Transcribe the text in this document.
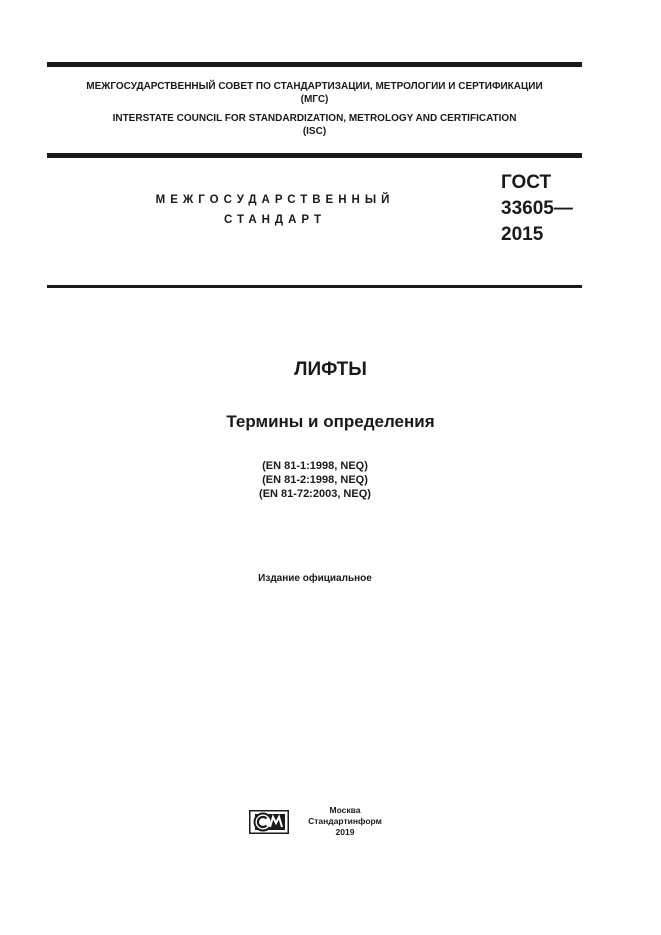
МЕЖГОСУДАРСТВЕННЫЙ СОВЕТ ПО СТАНДАРТИЗАЦИИ, МЕТРОЛОГИИ И СЕРТИФИКАЦИИ
(МГС)
INTERSTATE COUNCIL FOR STANDARDIZATION, METROLOGY AND CERTIFICATION
(ISC)
МЕЖГОСУДАРСТВЕННЫЙ
СТАНДАРТ
ГОСТ
33605—
2015
ЛИФТЫ
Термины и определения
(EN 81-1:1998, NEQ)
(EN 81-2:1998, NEQ)
(EN 81-72:2003, NEQ)
Издание официальное
Москва
Стандартинформ
2019
